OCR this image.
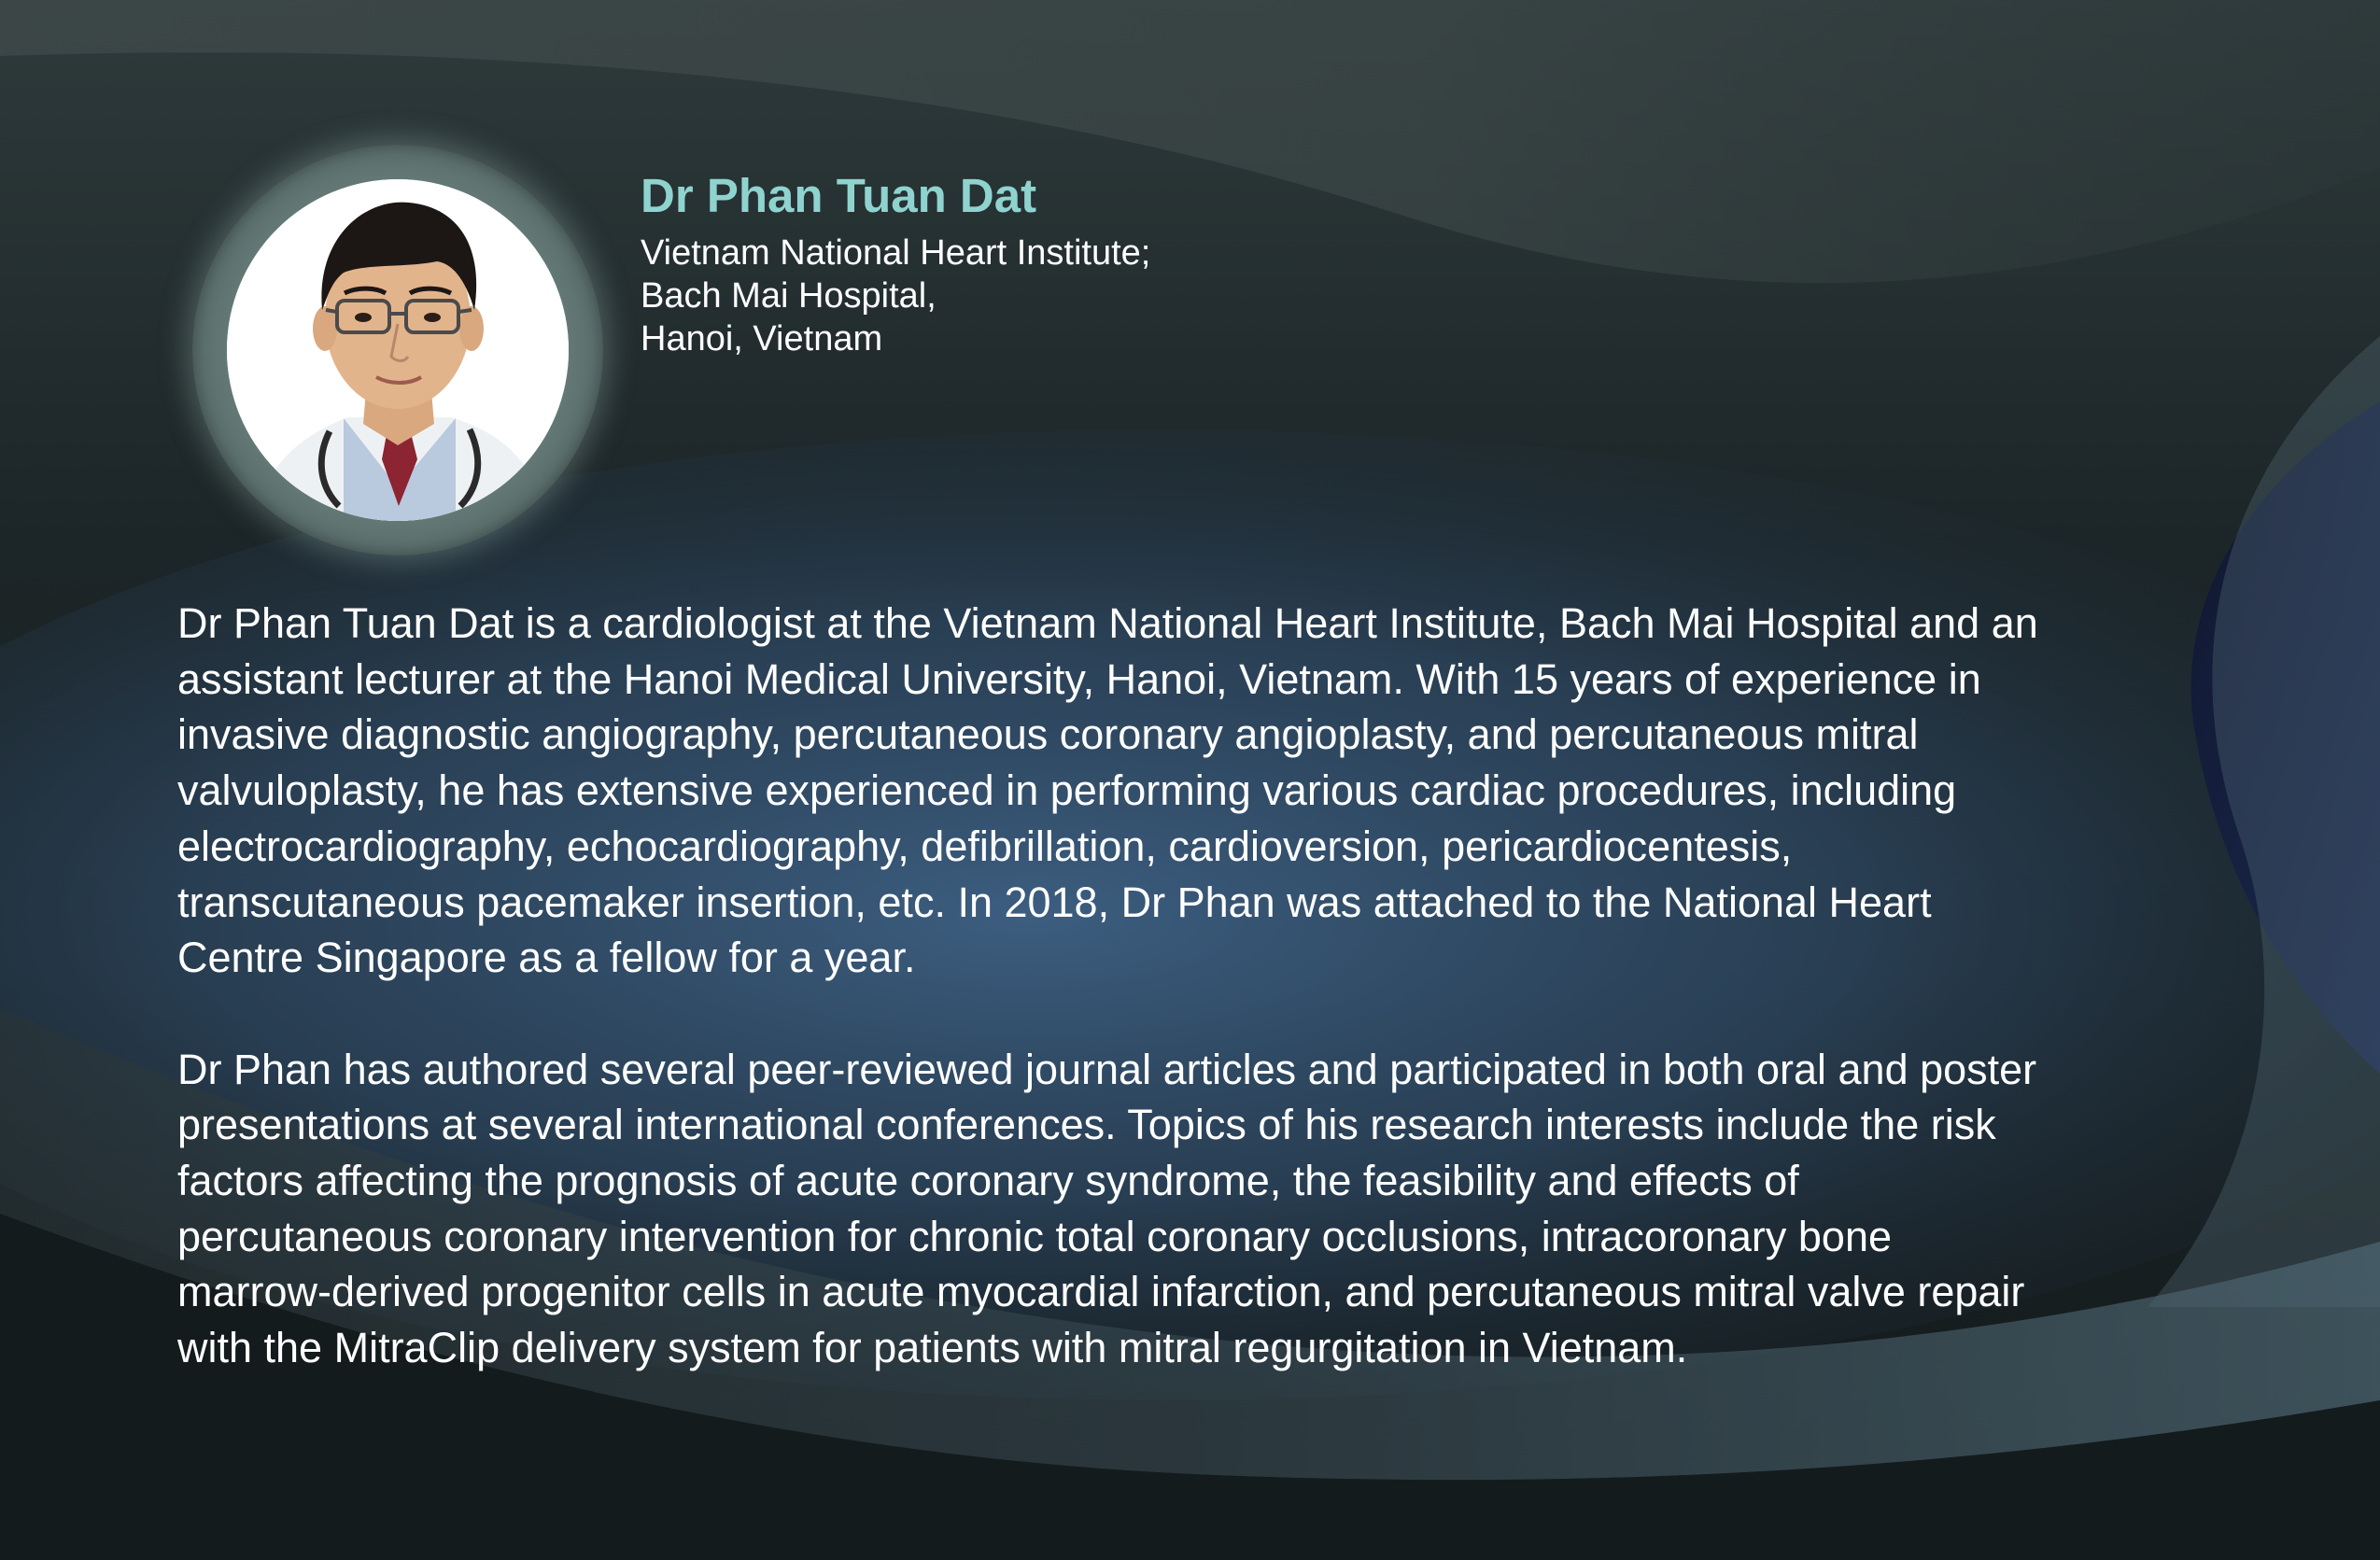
Dr Phan Tuan Dat
Vietnam National Heart Institute;
Bach Mai Hospital,
Hanoi, Vietnam

Dr Phan Tuan Dat is a cardiologist at the Vietnam National Heart Institute, Bach Mai Hospital and an
assistant lecturer at the Hanoi Medical University, Hanoi, Vietnam. With 15 years of experience in
invasive diagnostic angiography, percutaneous coronary angioplasty, and percutaneous mitral
valvuloplasty, he has extensive experienced in performing various cardiac procedures, including
electrocardiography, echocardiography, defibrillation, cardioversion, pericardiocentesis,
transcutaneous pacemaker insertion, etc. In 2018, Dr Phan was attached to the National Heart
Centre Singapore as a fellow for a year.

Dr Phan has authored several peer-reviewed journal articles and participated in both oral and poster
presentations at several international conferences. Topics of his research interests include the risk
factors affecting the prognosis of acute coronary syndrome, the feasibility and effects of
percutaneous coronary intervention for chronic total coronary occlusions, intracoronary bone
marrow-derived progenitor cells in acute myocardial infarction, and percutaneous mitral valve repair
with the MitraClip delivery system for patients with mitral regurgitation in Vietnam.
